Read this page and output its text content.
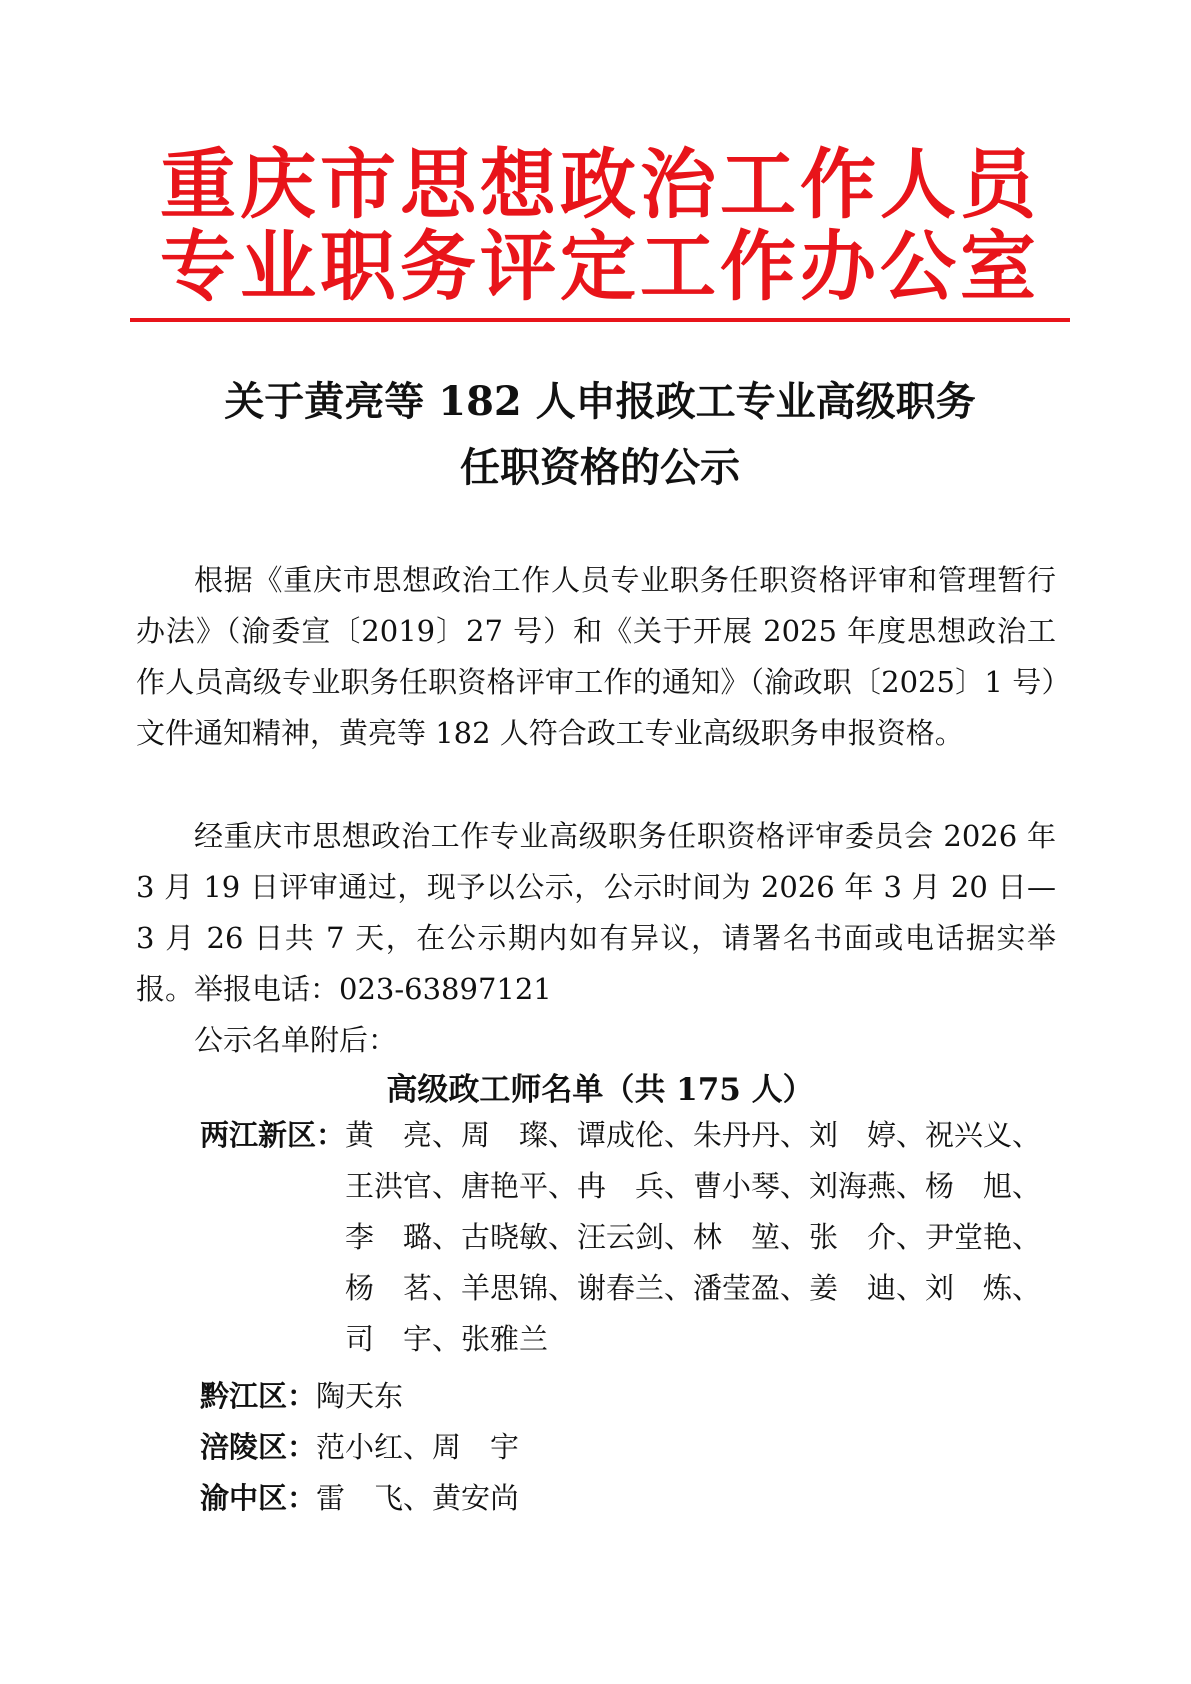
重庆市思想政治工作人员
专业职务评定工作办公室
关于黄亮等 182 人申报政工专业高级职务
任职资格的公示
根据《重庆市思想政治工作人员专业职务任职资格评审和管理暂行办法》（渝委宣〔2019〕27 号）和《关于开展 2025 年度思想政治工作人员高级专业职务任职资格评审工作的通知》（渝政职〔2025〕1 号）文件通知精神，黄亮等 182 人符合政工专业高级职务申报资格。
经重庆市思想政治工作专业高级职务任职资格评审委员会 2026 年 3 月 19 日评审通过，现予以公示，公示时间为 2026 年 3 月 20 日—3 月 26 日共 7 天，在公示期内如有异议，请署名书面或电话据实举报。举报电话：023-63897121
公示名单附后：
高级政工师名单（共 175 人）
两江新区： 黄　亮、周　璨、谭成伦、朱丹丹、刘　婷、祝兴义、王洪官、唐艳平、冉　兵、曹小琴、刘海燕、杨　旭、李　璐、古晓敏、汪云剑、林　堃、张　介、尹堂艳、杨　茗、羊思锦、谢春兰、潘莹盈、姜　迪、刘　炼、司　宇、张雅兰
黔江区： 陶天东
涪陵区： 范小红、周　宇
渝中区： 雷　飞、黄安尚
